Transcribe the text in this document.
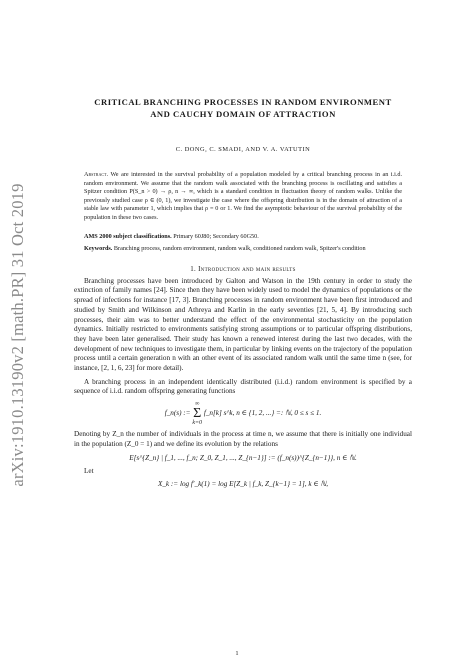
arXiv:1910.13190v2 [math.PR] 31 Oct 2019
CRITICAL BRANCHING PROCESSES IN RANDOM ENVIRONMENT
AND CAUCHY DOMAIN OF ATTRACTION
C. DONG, C. SMADI, AND V. A. VATUTIN
Abstract. We are interested in the survival probability of a population modeled by a critical branching process in an i.i.d. random environment. We assume that the random walk associated with the branching process is oscillating and satisfies a Spitzer condition P(S_n > 0) → ρ, n → ∞, which is a standard condition in fluctuation theory of random walks. Unlike the previously studied case ρ ∈ (0, 1), we investigate the case where the offspring distribution is in the domain of attraction of a stable law with parameter 1, which implies that ρ = 0 or 1. We find the asymptotic behaviour of the survival probability of the population in these two cases.
AMS 2000 subject classifications. Primary 60J80; Secondary 60G50.
Keywords. Branching process, random environment, random walk, conditioned random walk, Spitzer's condition
1. Introduction and main results
Branching processes have been introduced by Galton and Watson in the 19th century in order to study the extinction of family names [24]. Since then they have been widely used to model the dynamics of populations or the spread of infections for instance [17, 3]. Branching processes in random environment have been first introduced and studied by Smith and Wilkinson and Athreya and Karlin in the early seventies [21, 5, 4]. By introducing such processes, their aim was to better understand the effect of the environmental stochasticity on the population dynamics. Initially restricted to environments satisfying strong assumptions or to particular offspring distributions, they have been later generalised. Their study has known a renewed interest during the last two decades, with the development of new techniques to investigate them, in particular by linking events on the trajectory of the population process until a certain generation n with an other event of its associated random walk until the same time n (see, for instance, [2, 1, 6, 23] for more detail).
A branching process in an independent identically distributed (i.i.d.) random environment is specified by a sequence of i.i.d. random offspring generating functions
f_n(s) := ∞
Σ
k=0 f_n[k] s^k, n ∈ {1, 2, ...} =: ℕ, 0 ≤ s ≤ 1.
Denoting by Z_n the number of individuals in the process at time n, we assume that there is initially one individual in the population (Z_0 = 1) and we define its evolution by the relations
E[s^{Z_n} | f_1, ..., f_n; Z_0, Z_1, ..., Z_{n−1}] := (f_n(s))^{Z_{n−1}}, n ∈ ℕ.
Let
X_k := log f′_k(1) = log E[Z_k | f_k, Z_{k−1} = 1], k ∈ ℕ,
1
